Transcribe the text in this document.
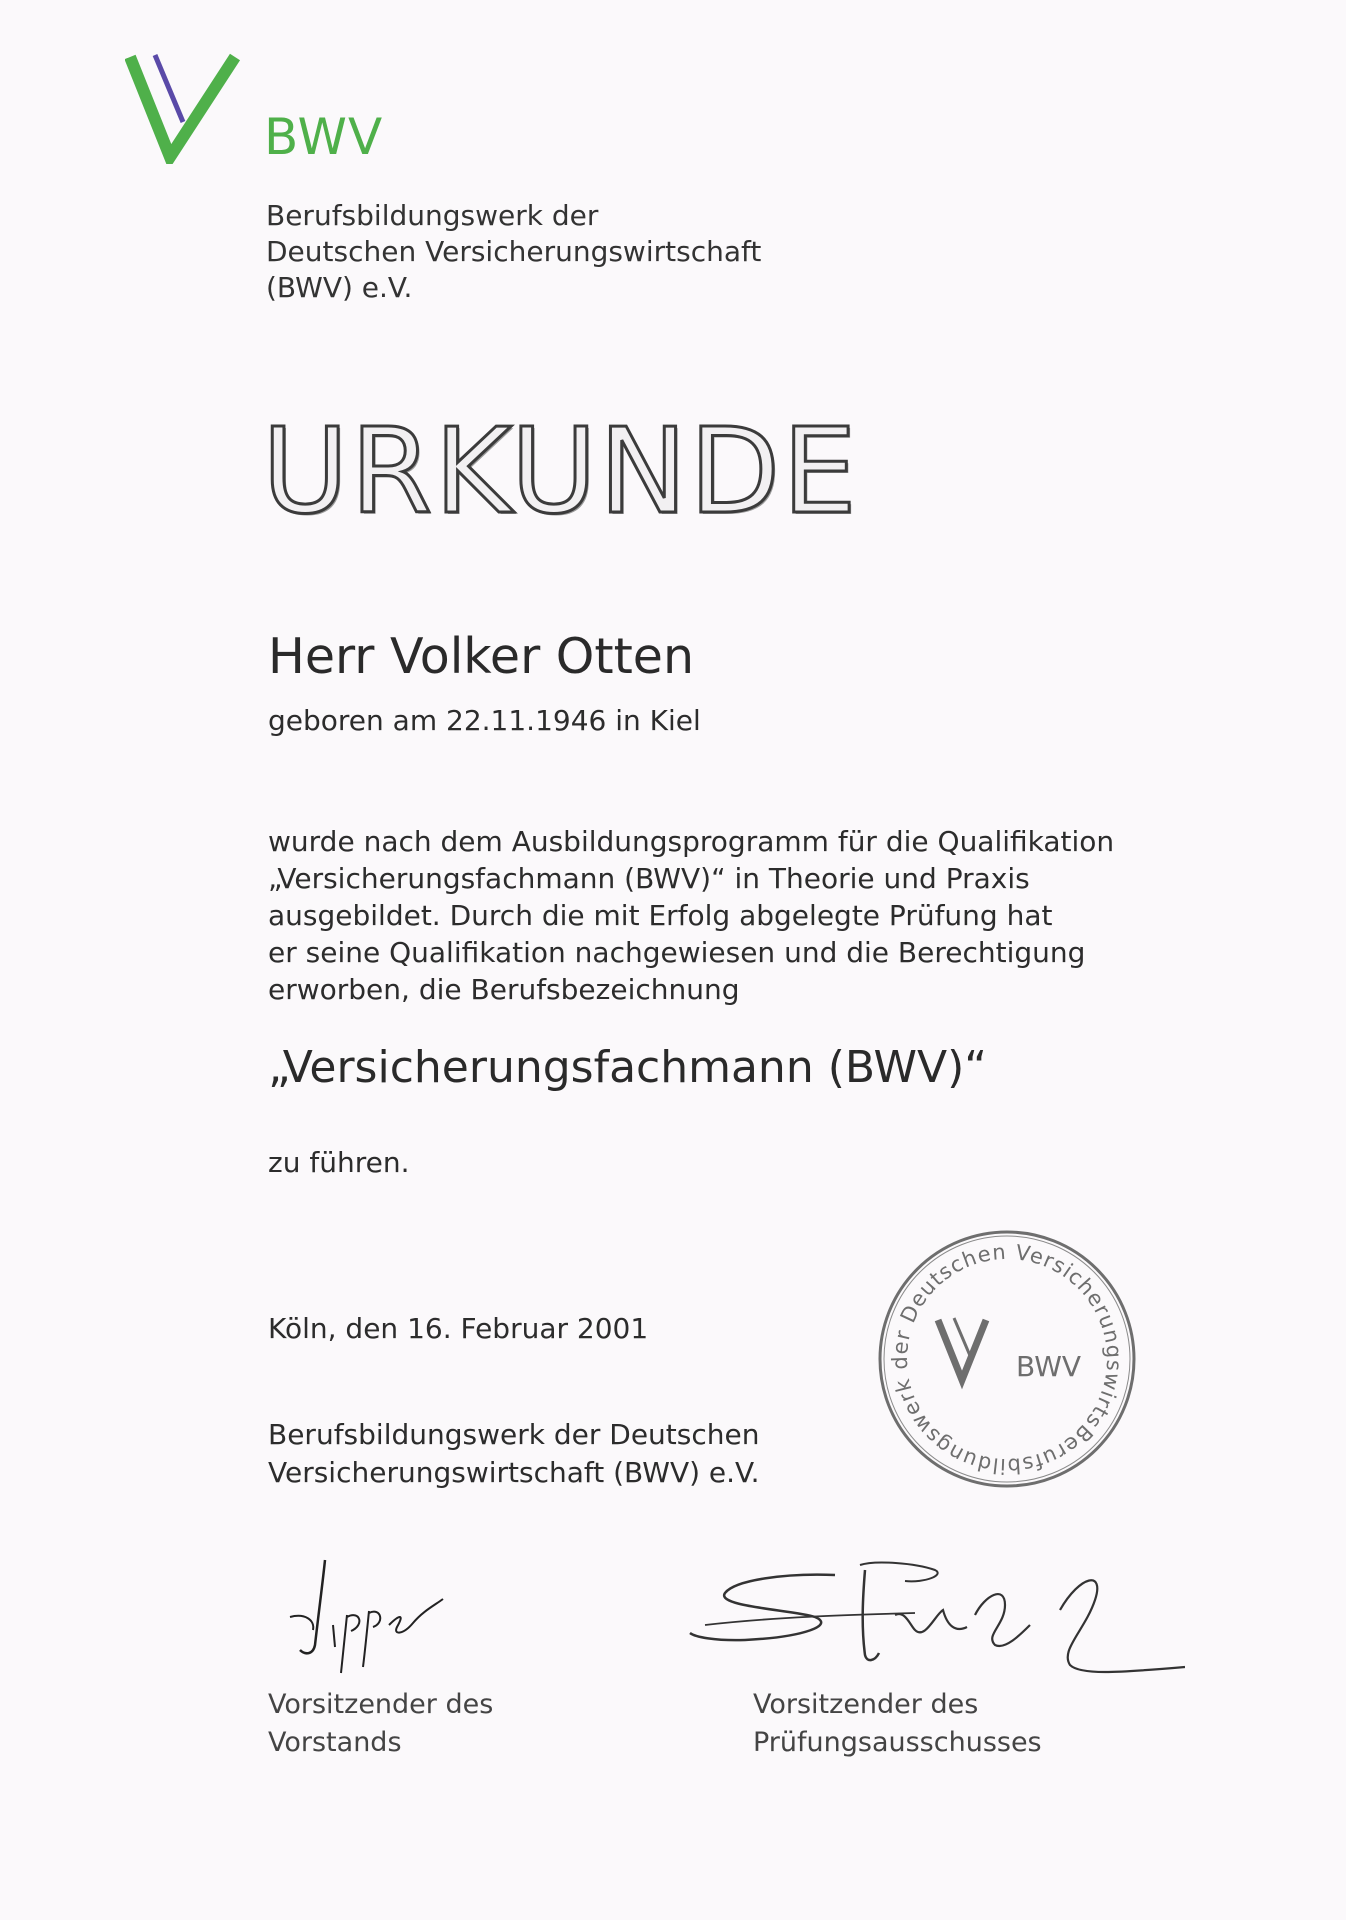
BWV
Berufsbildungswerk der
Deutschen Versicherungswirtschaft
(BWV) e.V.
URKUNDE
Herr Volker Otten
geboren am 22.11.1946 in Kiel
wurde nach dem Ausbildungsprogramm für die Qualifikation
„Versicherungsfachmann (BWV)“ in Theorie und Praxis
ausgebildet. Durch die mit Erfolg abgelegte Prüfung hat
er seine Qualifikation nachgewiesen und die Berechtigung
erworben, die Berufsbezeichnung
„Versicherungsfachmann (BWV)“
zu führen.
Köln, den 16. Februar 2001
Berufsbildungswerk der Deutschen
Versicherungswirtschaft (BWV) e.V.
Berufsbildungswerk der Deutschen Versicherungswirtschaft
BWV
Vorsitzender des
Vorstands
Vorsitzender des
Prüfungsausschusses
